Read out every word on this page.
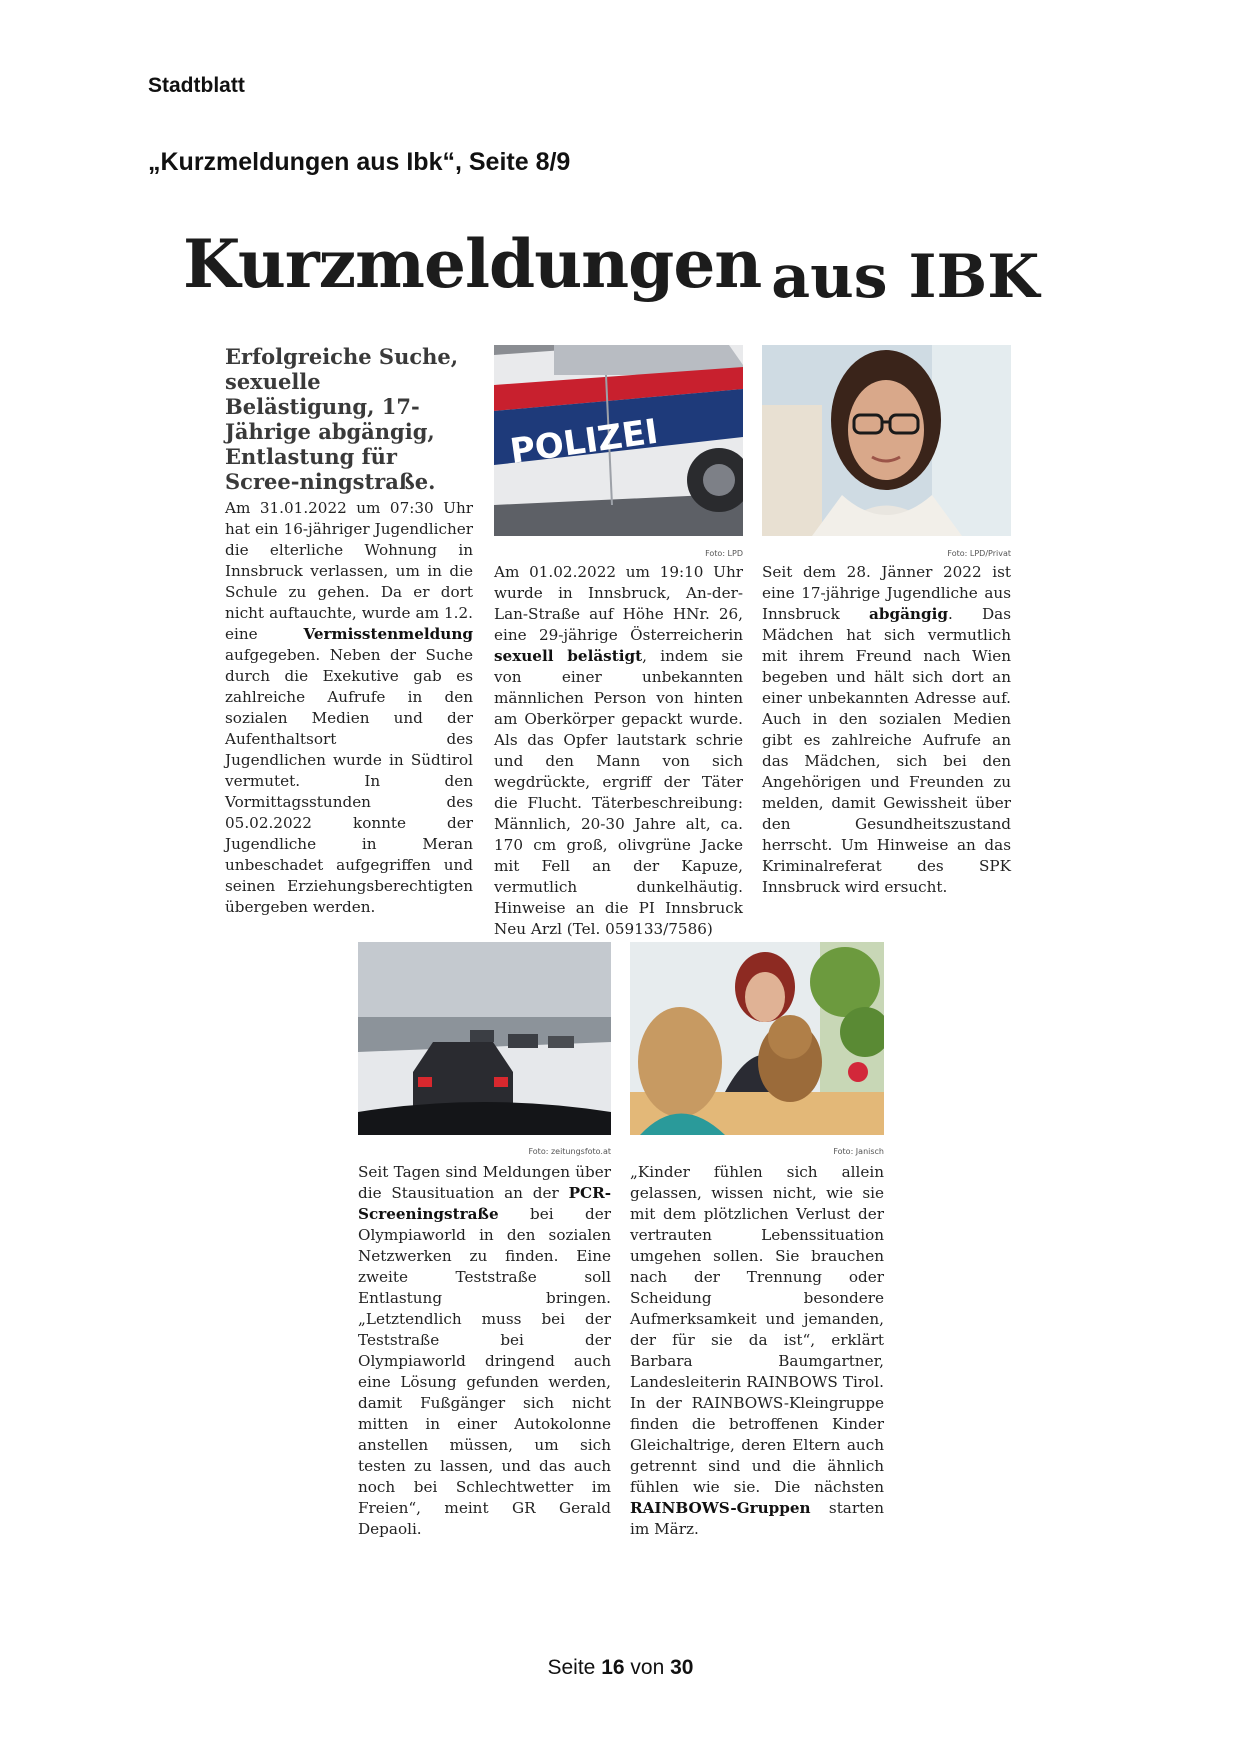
Stadtblatt
„Kurzmeldungen aus Ibk“, Seite 8/9
Kurzmeldungen aus IBK
Erfolgreiche Suche, sexuelle Belästigung, 17-Jährige abgängig, Entlastung für Scree-ningstraße.
Am 31.01.2022 um 07:30 Uhr hat ein 16-jähriger Jugendlicher die elterliche Wohnung in Innsbruck verlassen, um in die Schule zu gehen. Da er dort nicht auftauchte, wurde am 1.2. eine Vermisstenmeldung aufgegeben. Neben der Suche durch die Exekutive gab es zahlreiche Aufrufe in den sozialen Medien und der Aufenthaltsort des Jugendlichen wurde in Südtirol vermutet. In den Vormittagsstunden des 05.02.2022 konnte der Jugendliche in Meran unbeschadet aufgegriffen und seinen Erziehungsberechtigten übergeben werden.
POLIZEI
Foto: LPD
Am 01.02.2022 um 19:10 Uhr wurde in Innsbruck, An-der-Lan-Straße auf Höhe HNr. 26, eine 29-jährige Österreicherin sexuell belästigt, indem sie von einer unbekannten männlichen Person von hinten am Oberkörper gepackt wurde. Als das Opfer lautstark schrie und den Mann von sich wegdrückte, ergriff der Täter die Flucht. Täterbeschreibung: Männlich, 20-30 Jahre alt, ca. 170 cm groß, olivgrüne Jacke mit Fell an der Kapuze, vermutlich dunkelhäutig. Hinweise an die PI Innsbruck Neu Arzl (Tel. 059133/7586)
Foto: LPD/Privat
Seit dem 28. Jänner 2022 ist eine 17-jährige Jugendliche aus Innsbruck abgängig. Das Mädchen hat sich vermutlich mit ihrem Freund nach Wien begeben und hält sich dort an einer unbekannten Adresse auf. Auch in den sozialen Medien gibt es zahlreiche Aufrufe an das Mädchen, sich bei den Angehörigen und Freunden zu melden, damit Gewissheit über den Gesundheitszustand herrscht. Um Hinweise an das Kriminalreferat des SPK Innsbruck wird ersucht.
Foto: zeitungsfoto.at
Seit Tagen sind Meldungen über die Stausituation an der PCR-Screeningstraße bei der Olympiaworld in den sozialen Netzwerken zu finden. Eine zweite Teststraße soll Entlastung bringen. „Letztendlich muss bei der Teststraße bei der Olympiaworld dringend auch eine Lösung gefunden werden, damit Fußgänger sich nicht mitten in einer Autokolonne anstellen müssen, um sich testen zu lassen, und das auch noch bei Schlechtwetter im Freien“, meint GR Gerald Depaoli.
Foto: Janisch
„Kinder fühlen sich allein gelassen, wissen nicht, wie sie mit dem plötzlichen Verlust der vertrauten Lebenssituation umgehen sollen. Sie brauchen nach der Trennung oder Scheidung besondere Aufmerksamkeit und jemanden, der für sie da ist“, erklärt Barbara Baumgartner, Landesleiterin RAINBOWS Tirol. In der RAINBOWS-Kleingruppe finden die betroffenen Kinder Gleichaltrige, deren Eltern auch getrennt sind und die ähnlich fühlen wie sie. Die nächsten RAINBOWS-Gruppen starten im März.
Seite 16 von 30
